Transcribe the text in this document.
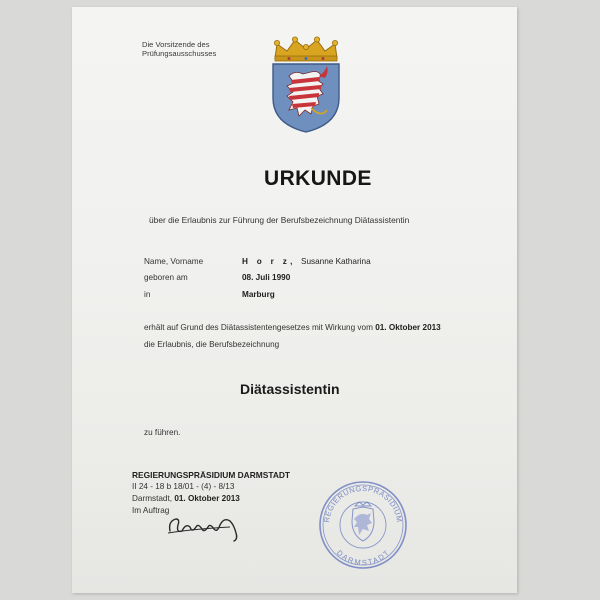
Die Vorsitzende des
Prüfungsausschusses
URKUNDE
über die Erlaubnis zur Führung der Berufsbezeichnung Diätassistentin
Name, Vorname	H o r z, Susanne Katharina
geboren am	08. Juli 1990
in	Marburg
erhält auf Grund des Diätassistentengesetzes mit Wirkung vom 01. Oktober 2013
die Erlaubnis, die Berufsbezeichnung
Diätassistentin
zu führen.
REGIERUNGSPRÄSIDIUM DARMSTADT
II 24 - 18 b 18/01 - (4) - 8/13
Darmstadt, 01. Oktober 2013
Im Auftrag
REGIERUNGSPRÄSIDIUM
DARMSTADT
